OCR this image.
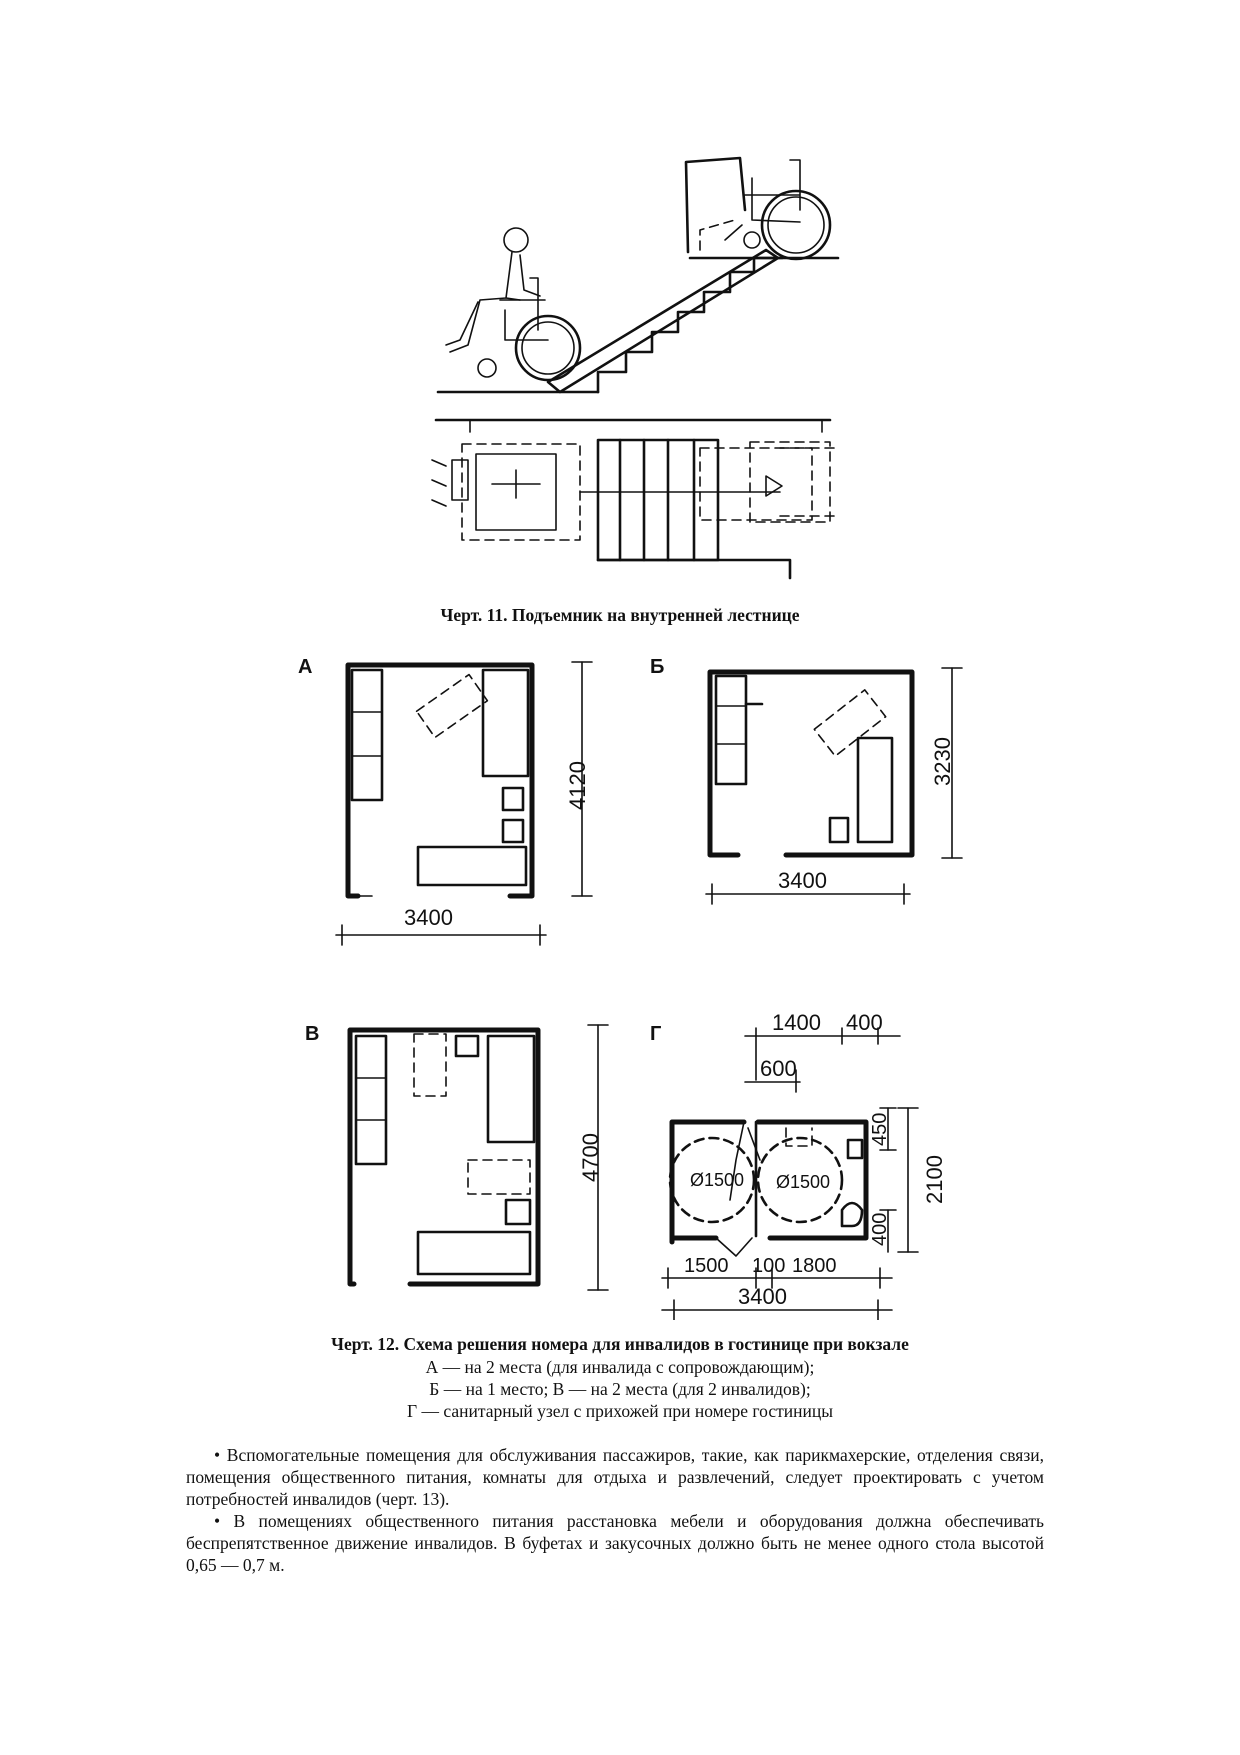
Черт. 11. Подъемник на внутренней лестнице
А
4120
3400
Б
3230
3400
В
4700
Г	1400 400
600
Ø1500 Ø1500	2100
450
400
1500 100 1800
3400
Черт. 12. Схема решения номера для инвалидов в гостинице при вокзале
А — на 2 места (для инвалида с сопровождающим);
Б — на 1 место; В — на 2 места (для 2 инвалидов);
Г — санитарный узел с прихожей при номере гостиницы

• Вспомогательные помещения для обслуживания пассажиров, такие, как парикмахерские, отделения связи, помещения общественного питания, комнаты для отдыха и развлечений, следует проектировать с учетом потребностей инвалидов (черт. 13).

• В помещениях общественного питания расстановка мебели и оборудования должна обеспечивать беспрепятственное движение инвалидов. В буфетах и закусочных должно быть не менее одного стола высотой 0,65 — 0,7 м.
